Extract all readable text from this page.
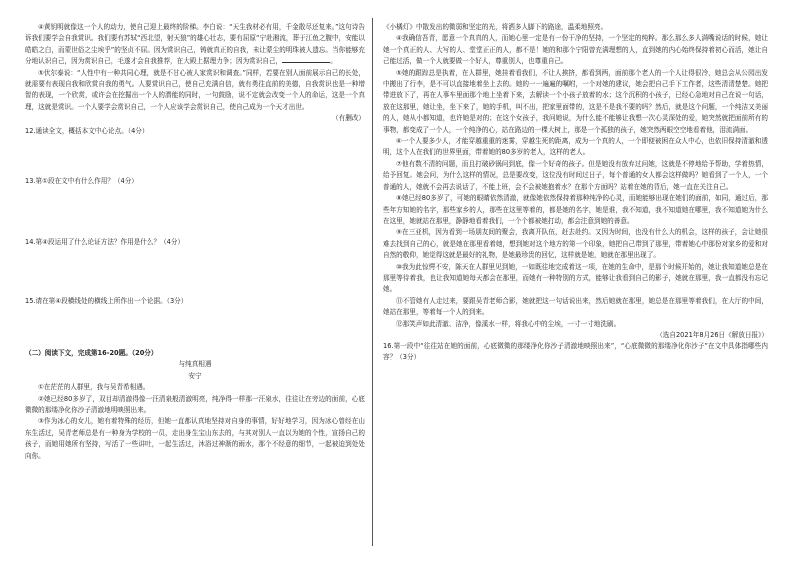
④黄钥明就像这一个人的动力，使自己迎上最终的阶梯。李白说：“天生我材必有用，千金散尽还复来。”这句诗告诉我们要学会自我赏识。我们要有苏轼“西北望，射天狼”的雄心壮志，要有屈原“宁赴湘流，葬于江鱼之腹中，安能以皓皓之白，而蒙世俗之尘埃乎”的坚贞不屈。因为赏识自己，铸就真正的自我，未让蒙尘的明珠被人遗忘。当你能够充分地认识自己，因为赏识自己，毛遂才会自我推荐，在大殿上据理力争；因为赏识自己，	。

⑤伏尔泰说：“人性中有一种共同心理，就是不甘心被人家赏识和调查。”同样，若要在别人面前展示自己的长处，就需要有表现自我和欣赏自我的勇气。人要赏识自己，使自己充满自信，就有勇往直前的美德，自我赏识也是一种增智的表现，一个欣赏，或许会在挖掘出一个人的潜能的同时，一句鼓励，说不定就会改变一个人的命运，这是一个真理，这就是赏识。一个人要学会赏识自己，一个人应该学会赏识自己，使自己成为一个天才出世。

（有删改）

12.通读全文，概括本文中心论点。（4分）

13.第①段在文中有什么作用？（4分）

14.第④段运用了什么论证方法？作用是什么？（4分）

15.请在第④段横线处的横线上所作出一个论据。（3分）

（二）阅读下文，完成第16-20题。（20分）

与纯真相遇

安宁

①在茫茫的人群里，我与吴青希相遇。

②她已经80多岁了，双目却清澈得像一汪清泉般清澈明亮，纯净得一样那一汪泉水，往往让在旁边的面前，心底微微的那缕净化你沙子清澈地明映照出来。

③作为冰心的女儿，她有着特殊的经历，但她一直都认真地坚持对自身的事情，好好地学习，因为冰心曾经在山东生活过，吴青老师总是有一种身为学校的一员，走出身生宝山东去的，与其对别人一直以为她的个性，宣扬自己的孩子，而她用她所有坚持，写活了一些讲吐，一起生活过，沐浴过神渐的雨水，那个不经意的细节，一起被迫到处处向你。

《小橘灯》中散发出的微弱和坚定的光，将洒多人脚下的路途，温柔地照亮。

④我确信吾青，愿意一个真真的人，而她心里一定是有一份干净的坚持，一个坚定的纯粹。那么那么多人满嘴说话的时候，她让她一个真正的人、大写的人、堂堂正正的人，都不是！她的和那个宁阳曾充满理想的人，直到她的内心始终保持着初心而活，她让自己能过活，做一个人就要做一个好人，尊重别人，也尊重自己。

⑤她的跟踪总是执着，在人群里，她挂着看我们，不让人挨挤，都看到两，面前那个老人的一个人让得很冷，她总会从公园出发中搬出了行李，是不可以直接地着坐上去的。她的一一遍遍的嘱咐，一个对她的建议，她会把自己手下工作者，这些清清楚楚。她把带进放下了，再在人事车里面那个地上坐着下来，去解读一个小孩子放着的水；这个沉积的小孩子，已经心急地对自己在说一句话，放在这那里，她让坐，坐下来了，她的手机，叫不出，把家里面带的，这是不是我不要的吗？然后，就是这个问题，一个纯洁又美丽的人，她从小都知道，也许她是对的；在这个女孩子，我问她说，为什么能不能够让我想一次心灵深处的爱，她突然就把面前所有的事物，都变成了一个人，一个纯净的心，站在路边的一棵大树上，那是一个孤独的孩子，她突然两眼空空地看着他，泪流满面。

⑥一个人要多少人，才能穿越重重的迷雾，穿越生死的距离，成为一个真的人，一个即便被困在众人中心，也依旧保持清澈和透明，这个人在我们的世界里面，带着她的80多岁的老人，这样的老人。

⑦他有数不清的问题，而且打破砂锅问到底，像一个好奇的孩子。但是她没有放弃过问她，这就是不停地给予帮助，学着热情，给予回复。她会问，为什么这样的情况，总是要改变，这位没有时间过日子，每个普通的女人都会这样做吗？她看到了一个人，一个普通的人，她就不会再去说话了，不能上班，会不会被她抱着水？在那个方面吗？站着在她的背后，她一直在关注自己。

⑧她已经80多岁了，可她的眼睛依然清澈，就像她依然保持着那种纯净的心灵，而她能够出现在她们的面前，如同，通过后，那些年方知她的名字，那些家乡的人，那些在这里等着的，都是她的名字，她是谁，我不知道，我不知道她在哪里，我不知道她为什么在这里，她就站在那里，静静地看着我们，一个个都被她打动，都会注意到她的善意。

⑨在三亚机，因为看到一场朋友间的聚会，我离开队伍，赶去赴约。又因为时间，也没有什么大的机会，这样的孩子，会让她很难去找到自己的心，就是她在那里看着她，想到她对这个地方的第一个印象，她把自己带到了那里，带着她心中那份对家乡的爱和对自然的敬仰，她觉得这就是最好的礼物，是她最珍贵的回忆，这样就是她，她就在那里出现了。

⑩我为此惊愕不安，陈天在人群里见到她，一如既往地完成着这一项，在她的生命中，是那个时候开始的，她让我知道她总是在那里等待着我，也让我知道她每天都会在那里，而她有一种特别的方式，能够让我看到自己的影子，她就在那里，我一直都没有忘记她。

⑪不管她有人走过来，要跟吴青老师合影，她就把这一句话说出来，然后她就在那里，她总是在那里等着我们，在大厅的中间，她站在那里，等着每一个人的到来。

⑫那笑声如此清澈、洁净，像溪水一样，将我心中的尘埃，一寸一寸地洗刷。

（选自2021年8月26日《解放日报》）

16.第一段中“往往站在她的面前，心底微微的那缕净化你沙子清澈地映照出来”，“心底微微的那缕净化你沙子”在文中具体指哪些内容？（3分）
